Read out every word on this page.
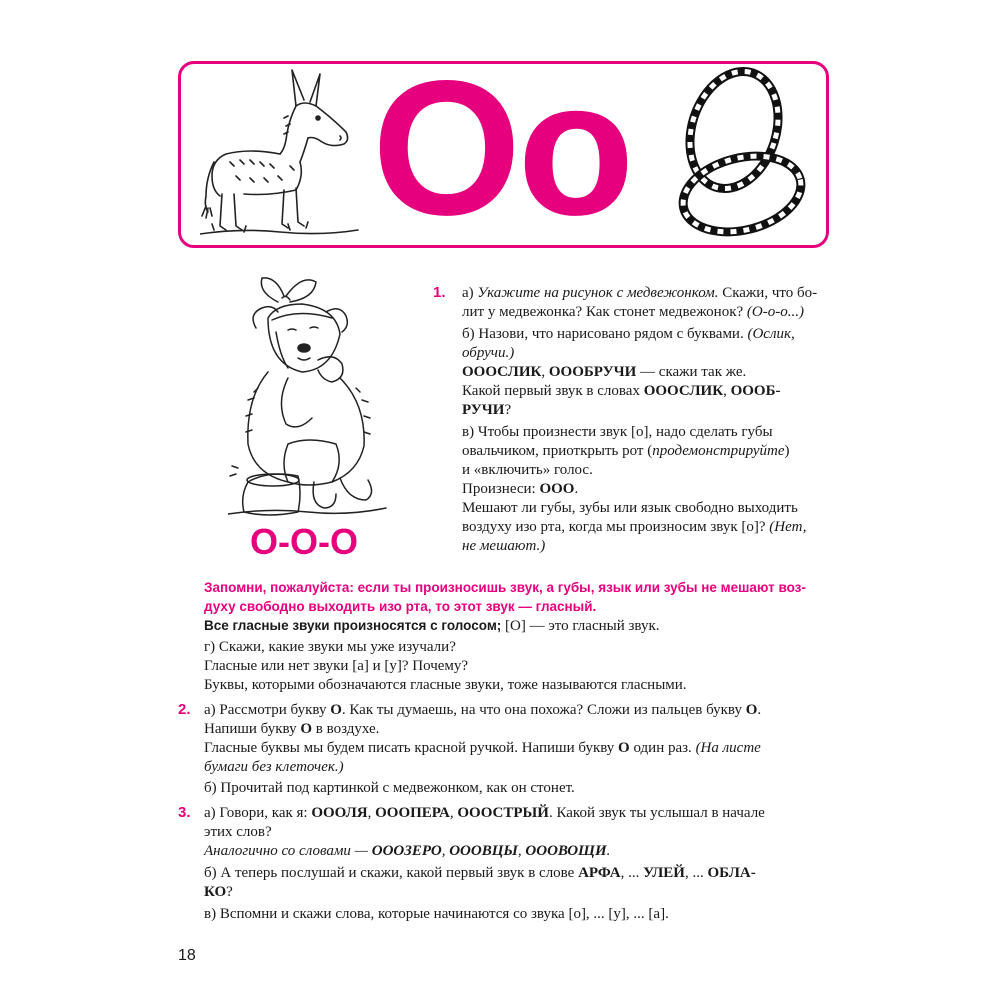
Oo
О-О-О
1. а) Укажите на рисунок с медвежонком. Скажи, что бо-
лит у медвежонка? Как стонет медвежонок? (О-о-о...)
б) Назови, что нарисовано рядом с буквами. (Ослик,
обручи.)
ОООСЛИК, ОООБРУЧИ — скажи так же.
Какой первый звук в словах ОООСЛИК, ОООБ-
РУЧИ?
в) Чтобы произнести звук [о], надо сделать губы
овальчиком, приоткрыть рот (продемонстрируйте)
и «включить» голос.
Произнеси: ООО.
Мешают ли губы, зубы или язык свободно выходить
воздуху изо рта, когда мы произносим звук [о]? (Нет,
не мешают.)
Запомни, пожалуйста: если ты произносишь звук, а губы, язык или зубы не мешают воз-
духу свободно выходить изо рта, то этот звук — гласный.
Все гласные звуки произносятся с голосом; [О] — это гласный звук.
г) Скажи, какие звуки мы уже изучали?
Гласные или нет звуки [а] и [у]? Почему?
Буквы, которыми обозначаются гласные звуки, тоже называются гласными.
2. а) Рассмотри букву О. Как ты думаешь, на что она похожа? Сложи из пальцев букву О.
Напиши букву О в воздухе.
Гласные буквы мы будем писать красной ручкой. Напиши букву О один раз. (На листе
бумаги без клеточек.)
б) Прочитай под картинкой с медвежонком, как он стонет.
3. а) Говори, как я: ОООЛЯ, ОООПЕРА, ОООСТРЫЙ. Какой звук ты услышал в начале
этих слов?
Аналогично со словами — ОООЗЕРО, ОООВЦЫ, ОООВОЩИ.
б) А теперь послушай и скажи, какой первый звук в слове АРФА, ... УЛЕЙ, ... ОБЛА-
КО?
в) Вспомни и скажи слова, которые начинаются со звука [о], ... [у], ... [а].
18
